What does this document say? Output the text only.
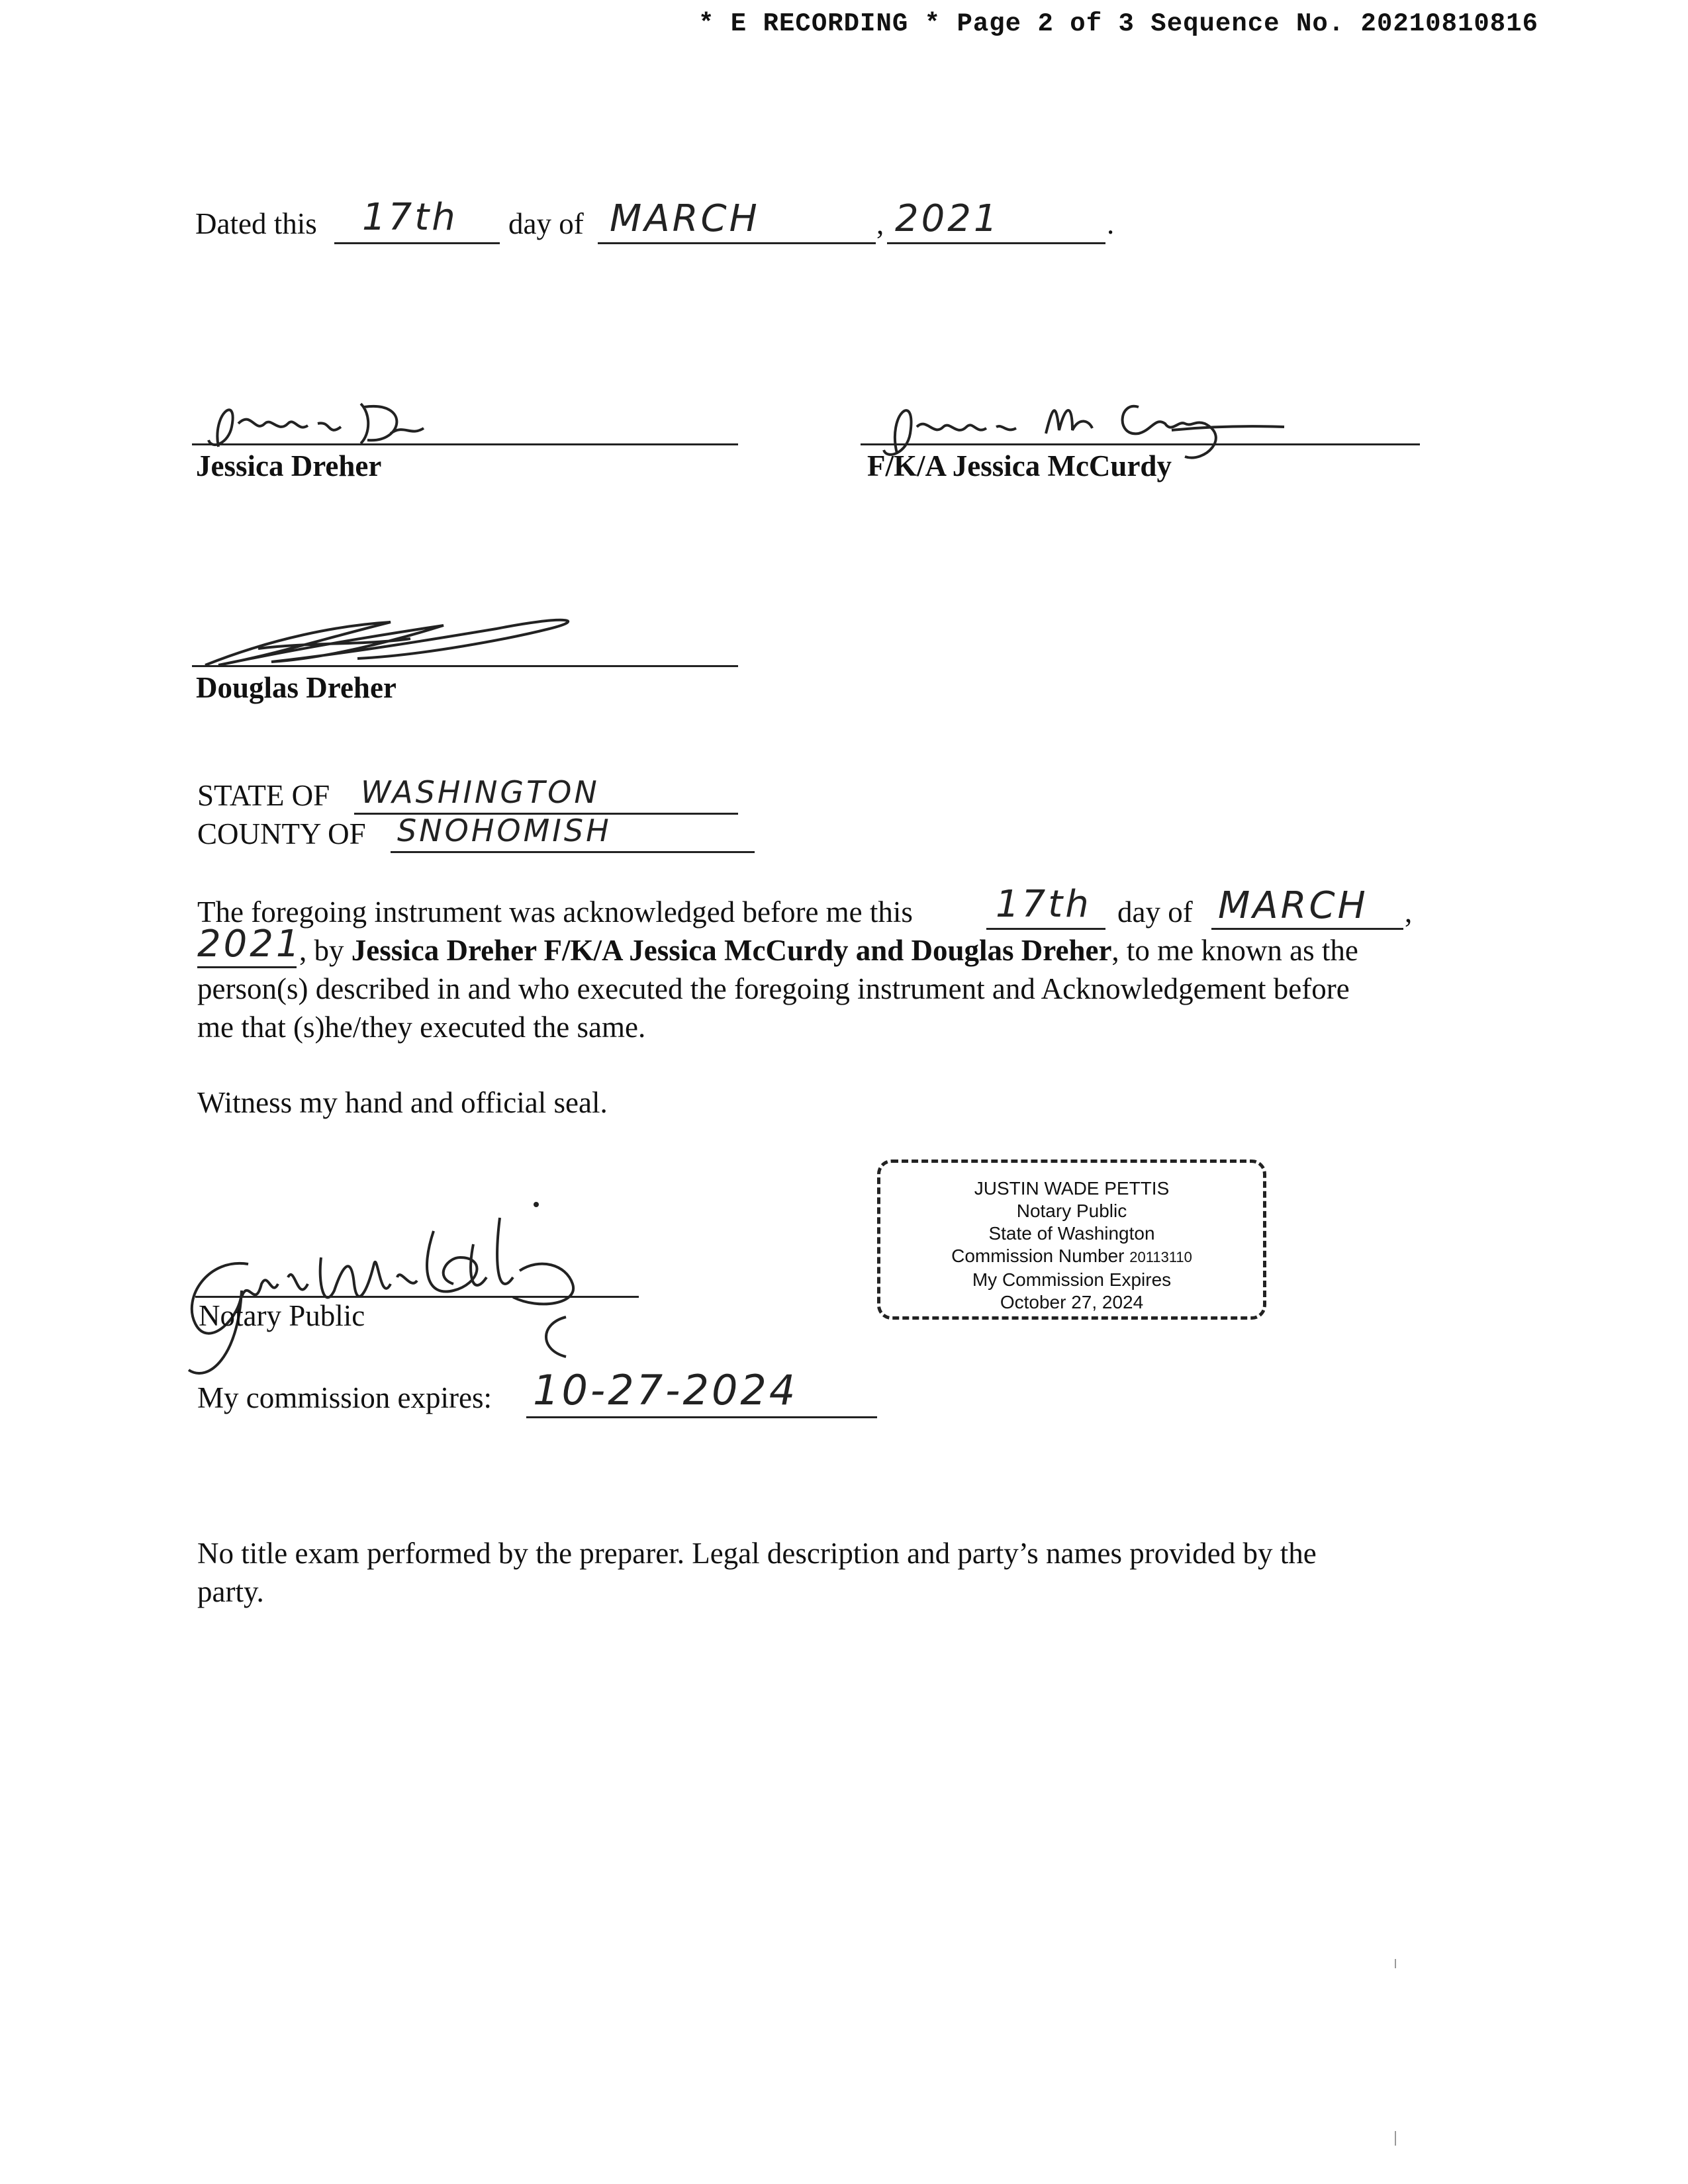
* E RECORDING * Page 2 of 3 Sequence No. 20210810816
Dated this 17th day of MARCH	, 2021	.
Jessica Dreher	F/K/A Jessica McCurdy
Douglas Dreher
STATE OF WASHINGTON
COUNTY OF SNOHOMISH
The foregoing instrument was acknowledged before me this 17th day of MARCH ,
2021
, by Jessica Dreher F/K/A Jessica McCurdy and Douglas Dreher, to me known as the
person(s) described in and who executed the foregoing instrument and Acknowledgement before
me that (s)he/they executed the same.
Witness my hand and official seal.
JUSTIN WADE PETTIS
Notary Public
State of Washington
Commission Number 20113110
My Commission Expires
October 27, 2024
Notary Public
My commission expires: 10-27-2024
No title exam performed by the preparer. Legal description and party’s names provided by the
party.
